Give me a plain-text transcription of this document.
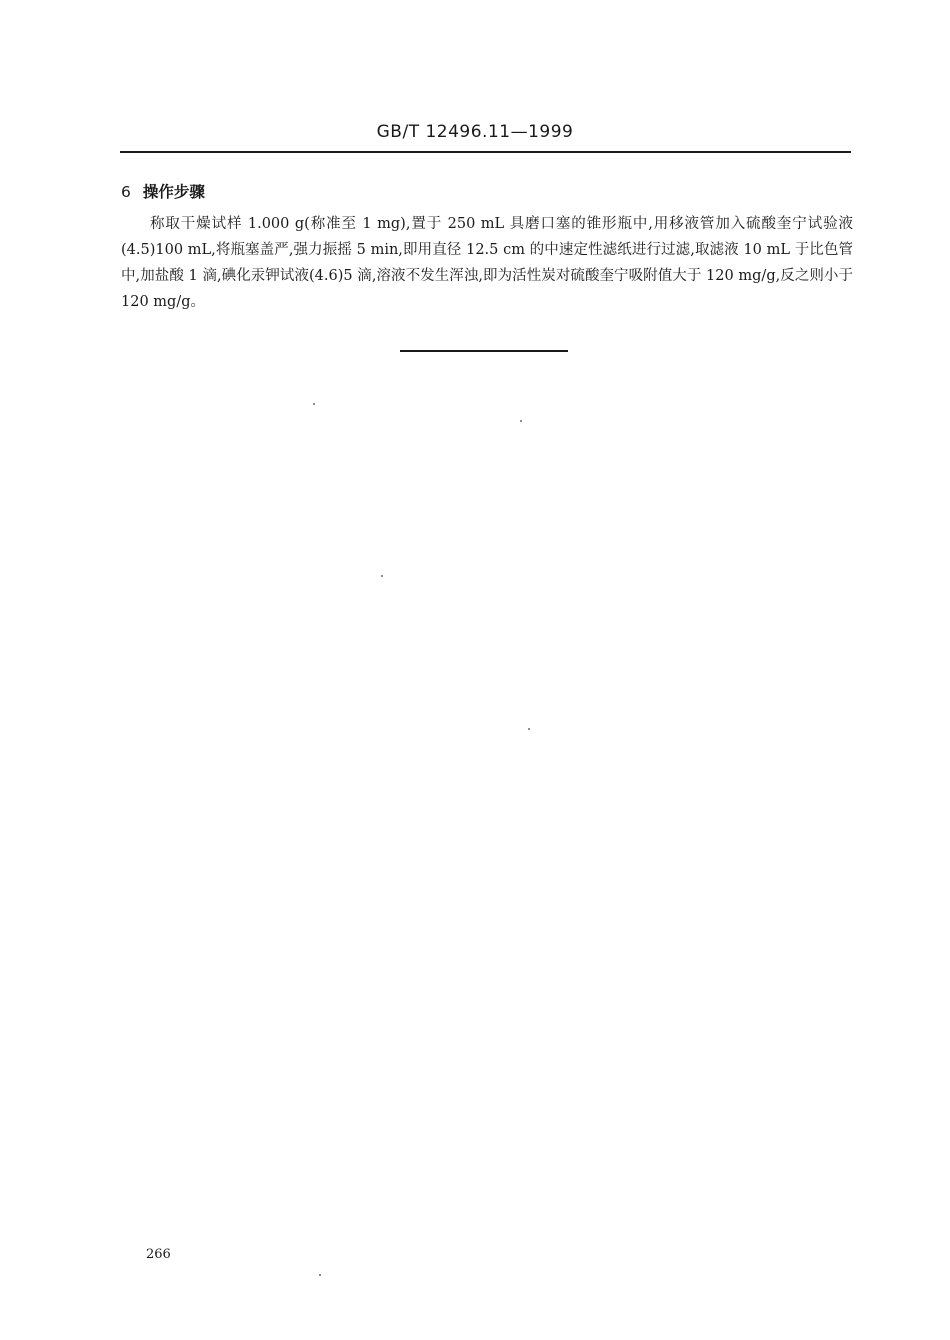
GB/T 12496.11—1999
6 操作步骤
称取干燥试样 1.000 g(称准至 1 mg),置于 250 mL 具磨口塞的锥形瓶中,用移液管加入硫酸奎宁试验液(4.5)100 mL,将瓶塞盖严,强力振摇 5 min,即用直径 12.5 cm 的中速定性滤纸进行过滤,取滤液 10 mL 于比色管中,加盐酸 1 滴,碘化汞钾试液(4.6)5 滴,溶液不发生浑浊,即为活性炭对硫酸奎宁吸附值大于 120 mg/g,反之则小于 120 mg/g。
266
